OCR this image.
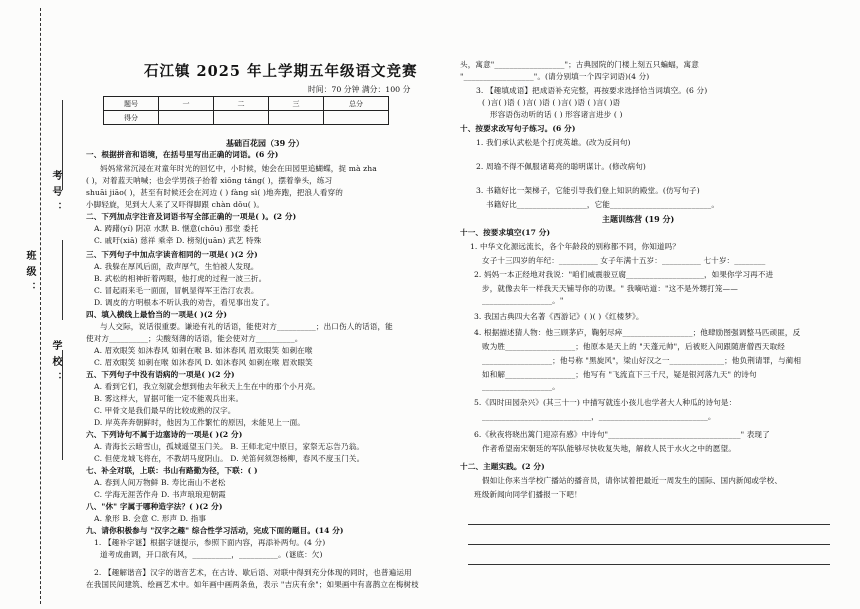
考号：
班级：
学校：
石江镇 2025 年上学期五年级语文竞赛
时间：70 分钟 满分：100 分
题号	一	二	三	总分
得分				
基础百花园（39 分）
一、根据拼音和语境，在括号里写出正确的词语。(6 分)
妈妈常常沉浸在对童年时光的回忆中，小时候，她会在田园里追蝴蝶，捉 mà zha
( )，对着蓝天呐喊；也会学男孩子抬着 xiōng táng( )，摆着拳头，练习
shuāi jiāo( )，甚至有时候还会在河边 ( ) fàng sì( )地奔跑，把浪人看穿的
小脚轻旋，见到大人来了又吓得脚跟 chàn dǒu( )。
二、下列加点字注音及词语书写全部正确的一项是( )。(2 分)
A. 踌躇(yí) 阴凉 水默 B. 惬意(chōu) 那堂 委托
C. 戚吁(xiā) 慈祥 乘牵 D. 榜刻(juān) 武艺 特殊
三、下列句子中加点字读音相同的一项是( )(2 分)
A. 我躲在厚风后面，敌声厚气，生怕被人发现。
B. 武松的相神折着两眼，他打虎的过程一波三折。
C. 冒起雨来毛一面面，冒帆显得军王浩汀农表。
D. 调皮的方明根本不听认我的劝告，看见事出发了。
四、填入横线上最恰当的一项是( )(2 分)
与人交际，说话很重要。谦逊有礼的话语，能使对方__________；出口伤人的话语，能
使对方__________；尖酸刻薄的话语，能会使对方__________。
A. 眉欢眼笑 如沐春风 如刺在喉 B. 如沐春风 眉欢眼笑 如刺在喉
C. 眉欢眼笑 如刺在喉 如沐春风 D. 如沐春风 如刺在喉 眉欢眼笑
五、下列句子中没有语病的一项是( )(2 分)
A. 看到它们，我立刻就会想到他去年秋天上生在中的那个小月亮。
B. 雾这样大，冒据可能一定不能观兵出来。
C. 甲骨文是我们最早的比较成熟的汉字。
D. 岸英奔奔朝鲜时，他因为工作繁忙的原因，未能见上一面。
六、下列诗句不属于边塞诗的一项是( )(2 分)
A. 青海长云暗雪山，孤城遥望玉门关。 B. 王师北定中原日，家祭无忘告乃翁。
C. 但使龙城飞将在，不教胡马度阴山。 D. 羌笛何须怨杨柳，春风不度玉门关。
七、补全对联，上联：书山有路勤为径，下联：( )
A. 春到人间万物鲜 B. 寿比南山不老松
C. 学海无涯苦作舟 D. 书声琅琅迎朝霞
八、"休" 字属于哪种造字法？( )(2 分)
A. 象形 B. 会意 C. 形声 D. 指事
九、请你积极参与 "汉字之趣" 综合性学习活动，完成下面的题目。(14 分)
1. 【趣补字谜】根据字谜提示，参照下面内容，再添补两句。(4 分)
道考成曲调，开口欲有风，__________，__________。(谜底：欠)
2. 【趣解谐音】汉字的谐音艺术，在古诗、歇后语、对联中得到充分体现的同时，也普遍运用
在我国民间建筑、绘画艺术中。如年画中画两条鱼，表示 "吉庆有余"；如果画中有喜鹊立在梅树枝
头，寓意"__________________"；古典园院的门楼上刻五只蝙蝠，寓意
"__________________"。(请分别填一个四字词语)(4 分)
3. 【趣填成语】把成语补充完整，再按要求选择恰当词填空。(6 分)
( )言( )语 ( )言( )语 ( )言( )语 ( )言( )语
形容语伤动听的话 ( ) 形容诸言进步 ( )
十、按要求改写句子练习。(6 分)
1. 我们承认武松是个打虎英雄。(改为反问句)
2. 周瑜不得不佩服诸葛亮的聪明谋计。(修改病句)
3. 书籍好比一架梯子，它能引导我们登上知识的殿堂。(仿写句子)
书籍好比__________________，它能__________________________。
十一、按要求填空(17 分)
1. 中华文化源远流长，各个年龄段的别称都不同，你知道吗？
女子十三四岁的年纪：__________ 女子年满十五岁：__________ 七十岁：________
2. 妈妈一本正经地对我说："咱们威震骏豆腐____________________，如果你学习再不进
步，就像去年一样我天天铺导你的功课。" 我嘀咕道："这不是外甥打笼——
__________________。"
3. 我国古典四大名著《西游记》( )( )《红楼梦》。
4. 根据描述猜人物：他三顾茅庐，鞠躬尽瘁__________________；他肆励图强调整马匹顽匪，反
败为胜__________________；他原本是天上的 "天蓬元帅"，后被贬入间跟随唐僧西天取经
__________________；他号称 "黑旋风"，梁山好汉之一______________；他负荆请罪，与蔺相
如和解__________________；他写有 "飞流直下三千尺，疑是银河落九天" 的诗句
__________________。
5.《四时田园杂兴》(其三十一) 中描写就连小孩儿也学者大人种瓜的诗句是：
____________________________，____________________________。
6.《秋夜将晓出篱门迎凉有感》中诗句"__________________________________" 表现了
作者希望南宋朝廷的军队能够尽快收复失地，解救人民于水火之中的愿望。
十二、主题实践。(2 分)
假如让你来当学校广播站的播音员，请你试着把最近一周发生的国际、国内新闻或学校、
班级新闻向同学们播报一下吧！
主题训练营 (19 分)
